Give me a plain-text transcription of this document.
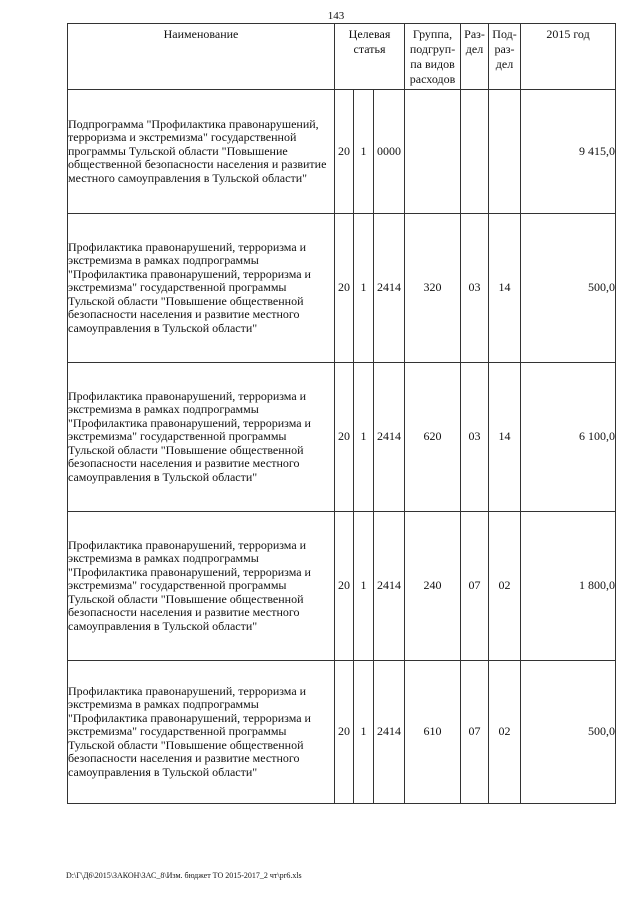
143
Наименование	Целевая статья			Группа, подгруп-па видов расходов	Раз-дел	Под-раз-дел	2015 год
Подпрограмма "Профилактика правонарушений, терроризма и экстремизма" государственной программы Тульской области "Повышение общественной безопасности населения и развитие местного самоуправления в Тульской области"	20	1	0000				9 415,0
Профилактика правонарушений, терроризма и экстремизма в рамках подпрограммы "Профилактика правонарушений, терроризма и экстремизма" государственной программы Тульской области "Повышение общественной безопасности населения и развитие местного самоуправления в Тульской области"	20	1	2414	320	03	14	500,0
Профилактика правонарушений, терроризма и экстремизма в рамках подпрограммы "Профилактика правонарушений, терроризма и экстремизма" государственной программы Тульской области "Повышение общественной безопасности населения и развитие местного самоуправления в Тульской области"	20	1	2414	620	03	14	6 100,0
Профилактика правонарушений, терроризма и экстремизма в рамках подпрограммы "Профилактика правонарушений, терроризма и экстремизма" государственной программы Тульской области "Повышение общественной безопасности населения и развитие местного самоуправления в Тульской области"	20	1	2414	240	07	02	1 800,0
Профилактика правонарушений, терроризма и экстремизма в рамках подпрограммы "Профилактика правонарушений, терроризма и экстремизма" государственной программы Тульской области "Повышение общественной безопасности населения и развитие местного самоуправления в Тульской области"	20	1	2414	610	07	02	500,0
D:\Г\Д6\2015\ЗАКОН\ЗАС_8\Изм. бюджет ТО 2015-2017_2 чт\pr6.xls
